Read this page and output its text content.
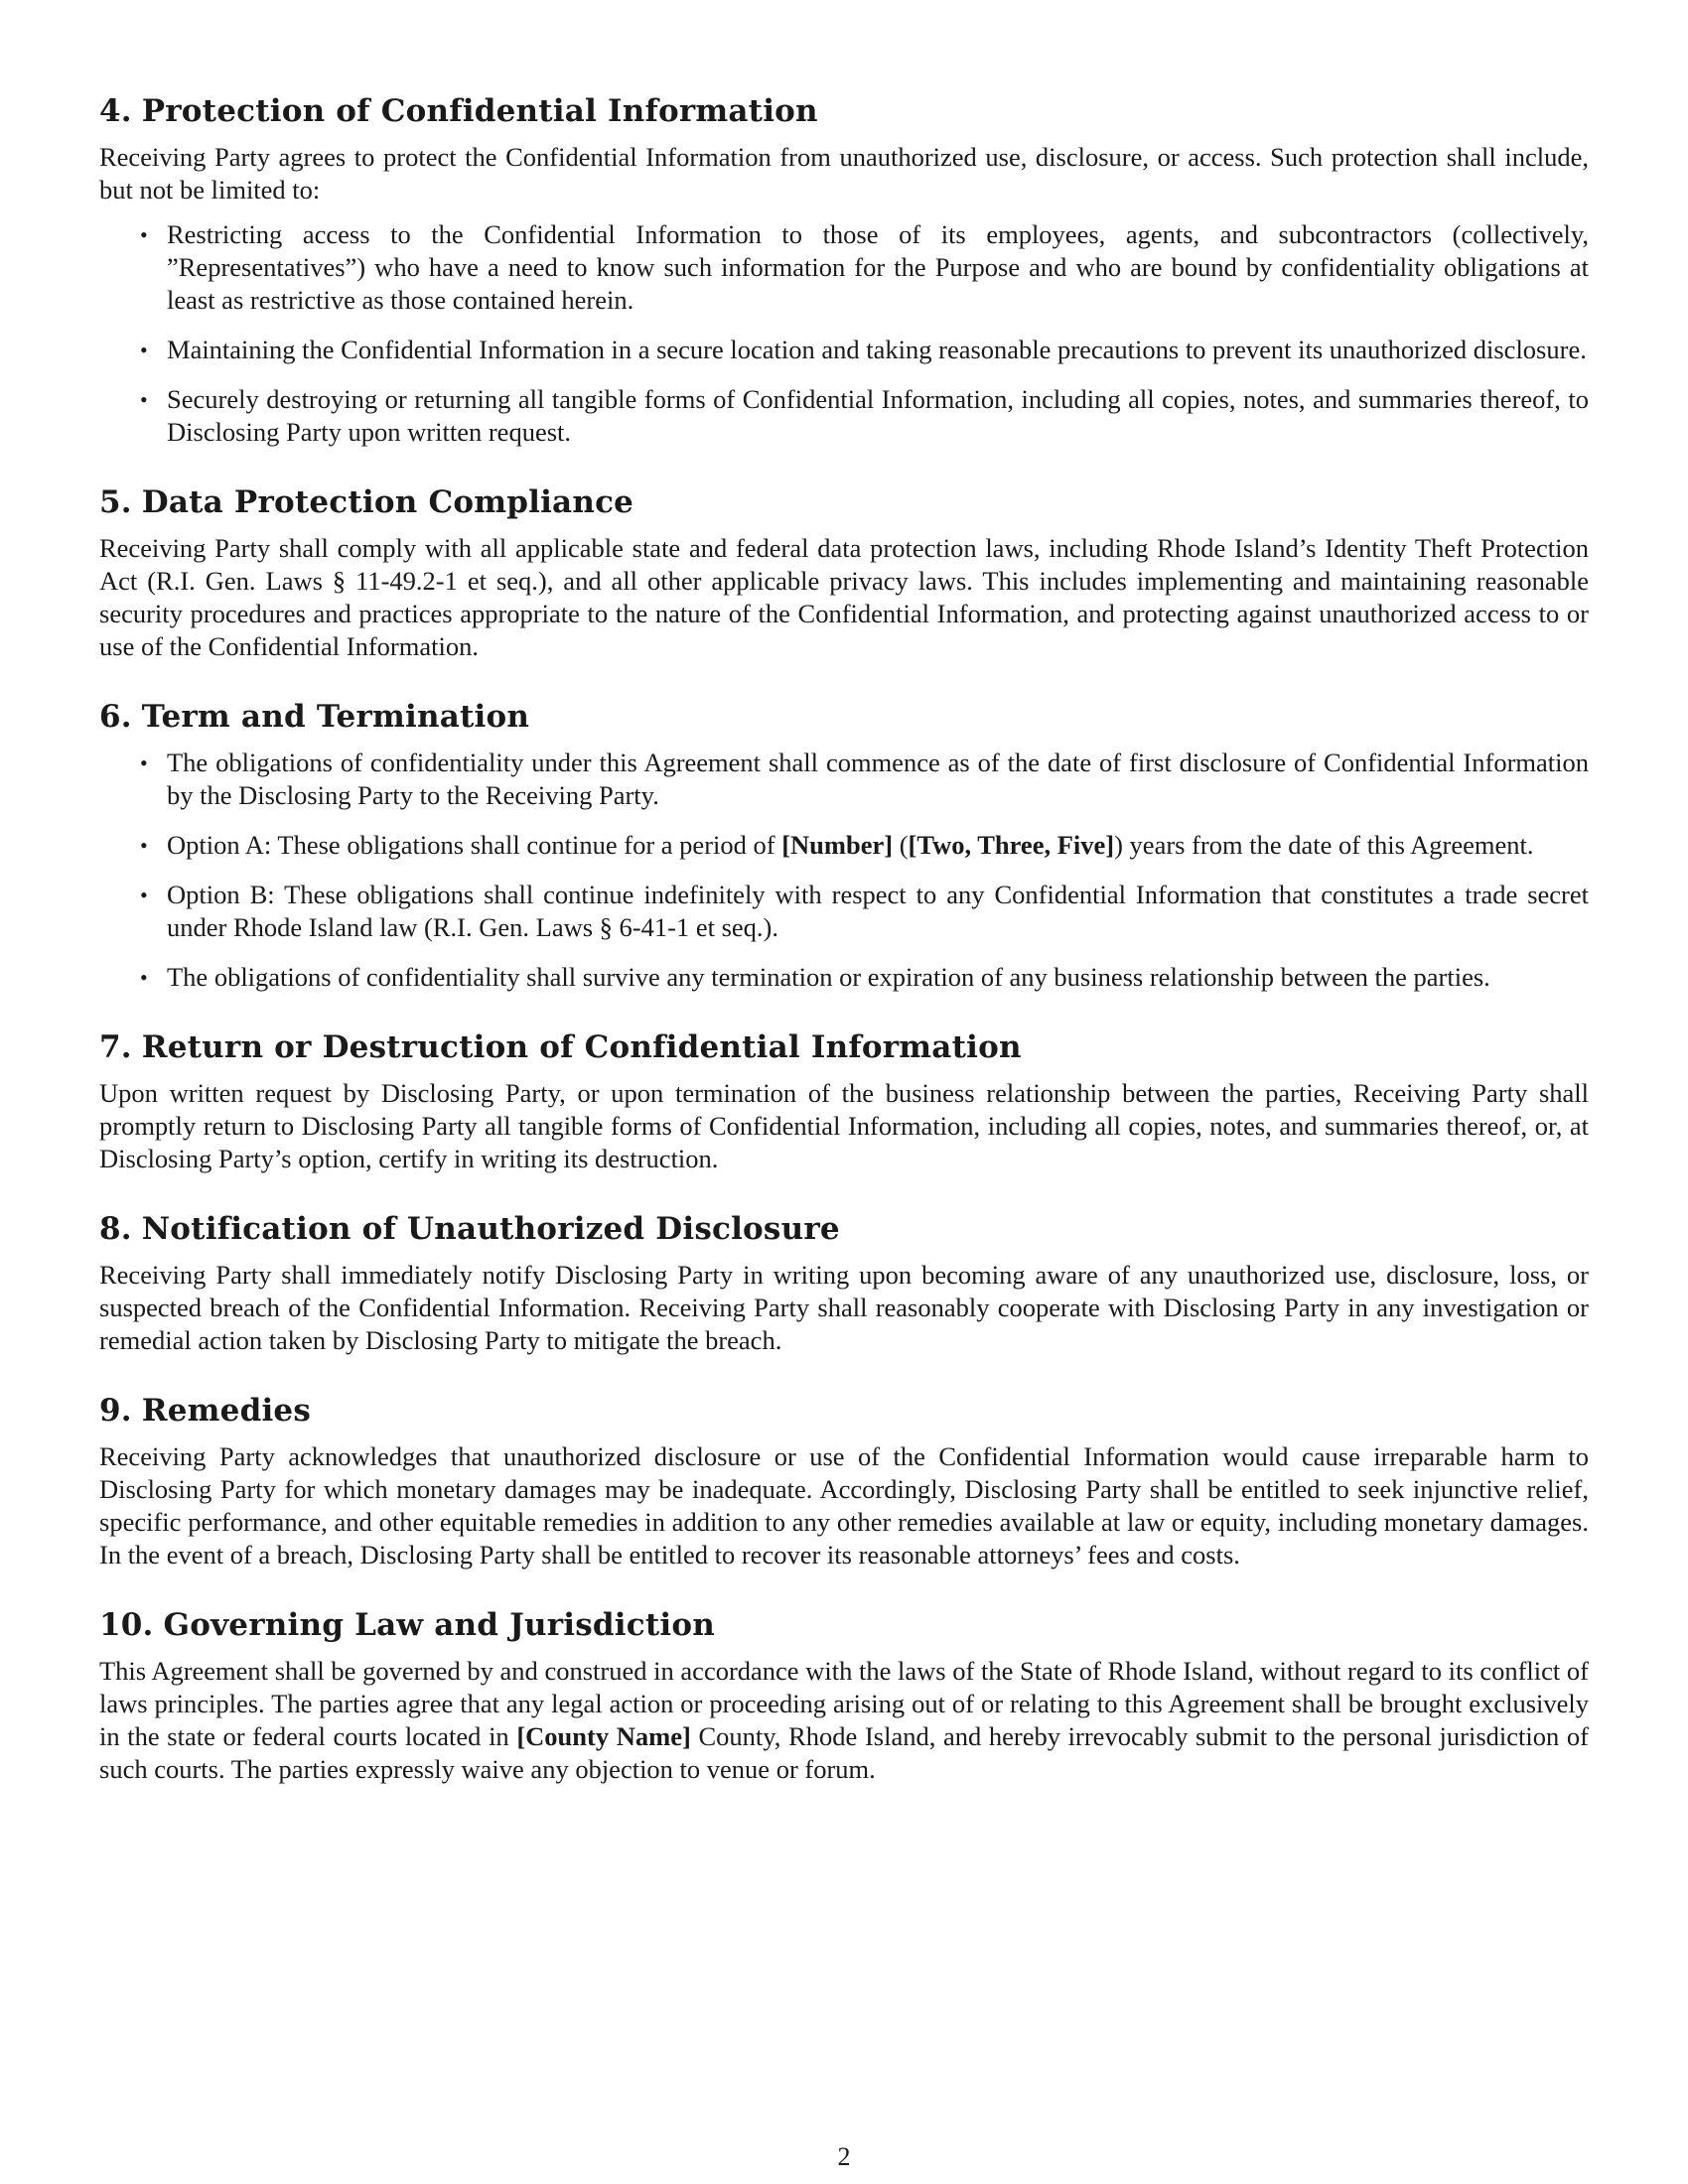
4. Protection of Confidential Information

Receiving Party agrees to protect the Confidential Information from unauthorized use, disclosure, or access. Such protection shall include, but not be limited to:

• Restricting access to the Confidential Information to those of its employees, agents, and subcontractors (collectively, ”Representatives”) who have a need to know such information for the Purpose and who are bound by confidentiality obligations at least as restrictive as those contained herein.
• Maintaining the Confidential Information in a secure location and taking reasonable precautions to prevent its unauthorized disclosure.
• Securely destroying or returning all tangible forms of Confidential Information, including all copies, notes, and summaries thereof, to Disclosing Party upon written request.
5. Data Protection Compliance

Receiving Party shall comply with all applicable state and federal data protection laws, including Rhode Island’s Identity Theft Protection Act (R.I. Gen. Laws § 11-49.2-1 et seq.), and all other applicable privacy laws. This includes implementing and maintaining reasonable security procedures and practices appropriate to the nature of the Confidential Information, and protecting against unauthorized access to or use of the Confidential Information.

6. Term and Termination
• The obligations of confidentiality under this Agreement shall commence as of the date of first disclosure of Confidential Information by the Disclosing Party to the Receiving Party.
• Option A: These obligations shall continue for a period of [Number] ([Two, Three, Five]) years from the date of this Agreement.
• Option B: These obligations shall continue indefinitely with respect to any Confidential Information that constitutes a trade secret under Rhode Island law (R.I. Gen. Laws § 6-41-1 et seq.).
• The obligations of confidentiality shall survive any termination or expiration of any business relationship between the parties.
7. Return or Destruction of Confidential Information

Upon written request by Disclosing Party, or upon termination of the business relationship between the parties, Receiving Party shall promptly return to Disclosing Party all tangible forms of Confidential Information, including all copies, notes, and summaries thereof, or, at Disclosing Party’s option, certify in writing its destruction.

8. Notification of Unauthorized Disclosure

Receiving Party shall immediately notify Disclosing Party in writing upon becoming aware of any unauthorized use, disclosure, loss, or suspected breach of the Confidential Information. Receiving Party shall reasonably cooperate with Disclosing Party in any investigation or remedial action taken by Disclosing Party to mitigate the breach.

9. Remedies

Receiving Party acknowledges that unauthorized disclosure or use of the Confidential Information would cause irreparable harm to Disclosing Party for which monetary damages may be inadequate. Accordingly, Disclosing Party shall be entitled to seek injunctive relief, specific performance, and other equitable remedies in addition to any other remedies available at law or equity, including monetary damages. In the event of a breach, Disclosing Party shall be entitled to recover its reasonable attorneys’ fees and costs.

10. Governing Law and Jurisdiction

This Agreement shall be governed by and construed in accordance with the laws of the State of Rhode Island, without regard to its conflict of laws principles. The parties agree that any legal action or proceeding arising out of or relating to this Agreement shall be brought exclusively in the state or federal courts located in [County Name] County, Rhode Island, and hereby irrevocably submit to the personal jurisdiction of such courts. The parties expressly waive any objection to venue or forum.

2
